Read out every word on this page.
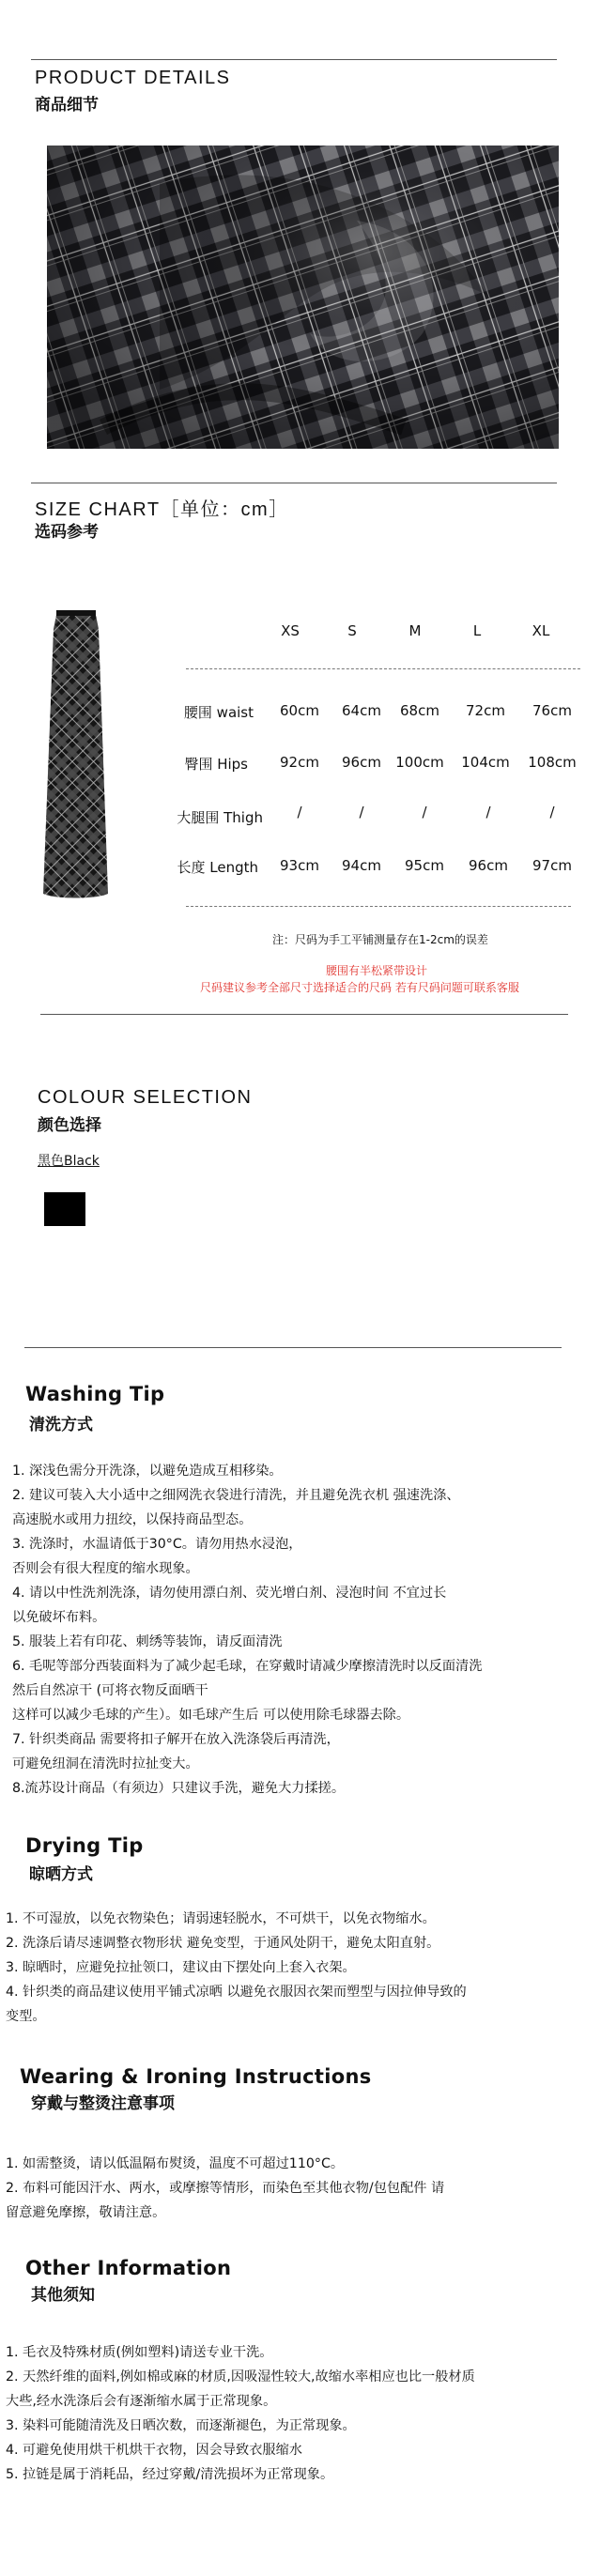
PRODUCT DETAILS
商品细节
SIZE CHART［单位：cm］
选码参考
XS	S	M	L	XL
腰围 waist	60cm	64cm	68cm	72cm	76cm
臀围 Hips	92cm	96cm	100cm	104cm	108cm
大腿围 Thigh	/	/	/	/	/
长度 Length	93cm	94cm	95cm	96cm	97cm
注：尺码为手工平铺测量存在1-2cm的误差
腰围有半松紧带设计
尺码建议参考全部尺寸选择适合的尺码 若有尺码问题可联系客服
COLOUR SELECTION
颜色选择
黑色Black
Washing Tip
清洗方式
1. 深浅色需分开洗涤，以避免造成互相移染。
2. 建议可装入大小适中之细网洗衣袋进行清洗，并且避免洗衣机 强速洗涤、
高速脱水或用力扭绞，以保持商品型态。
3. 洗涤时，水温请低于30°C。请勿用热水浸泡，
否则会有很大程度的缩水现象。
4. 请以中性洗剂洗涤，请勿使用漂白剂、荧光增白剂、浸泡时间 不宜过长
以免破坏布料。
5. 服装上若有印花、刺绣等装饰，请反面清洗
6. 毛呢等部分西装面料为了减少起毛球，在穿戴时请减少摩擦清洗时以反面清洗
然后自然凉干 (可将衣物反面晒干
这样可以减少毛球的产生）。如毛球产生后 可以使用除毛球器去除。
7. 针织类商品 需要将扣子解开在放入洗涤袋后再清洗，
可避免纽洞在清洗时拉扯变大。
8.流苏设计商品（有须边）只建议手洗，避免大力揉搓。
Drying Tip
晾晒方式
1. 不可湿放，以免衣物染色；请弱速轻脱水，不可烘干，以免衣物缩水。
2. 洗涤后请尽速调整衣物形状 避免变型，于通风处阴干，避免太阳直射。
3. 晾晒时，应避免拉扯领口，建议由下摆处向上套入衣架。
4. 针织类的商品建议使用平铺式凉晒 以避免衣服因衣架而塑型与因拉伸导致的
变型。
Wearing & Ironing Instructions
穿戴与整烫注意事项
1. 如需整烫，请以低温隔布熨烫，温度不可超过110°C。
2. 布料可能因汗水、两水，或摩擦等情形，而染色至其他衣物/包包配件 请
留意避免摩擦，敬请注意。
Other Information
其他须知
1. 毛衣及特殊材质(例如塑料)请送专业干洗。
2. 天然纤维的面料,例如棉或麻的材质,因吸湿性较大,故缩水率相应也比一般材质
大些,经水洗涤后会有逐渐缩水属于正常现象。
3. 染料可能随清洗及日晒次数，而逐渐褪色，为正常现象。
4. 可避免使用烘干机烘干衣物，因会导致衣服缩水
5. 拉链是属于消耗品，经过穿戴/清洗损坏为正常现象。
